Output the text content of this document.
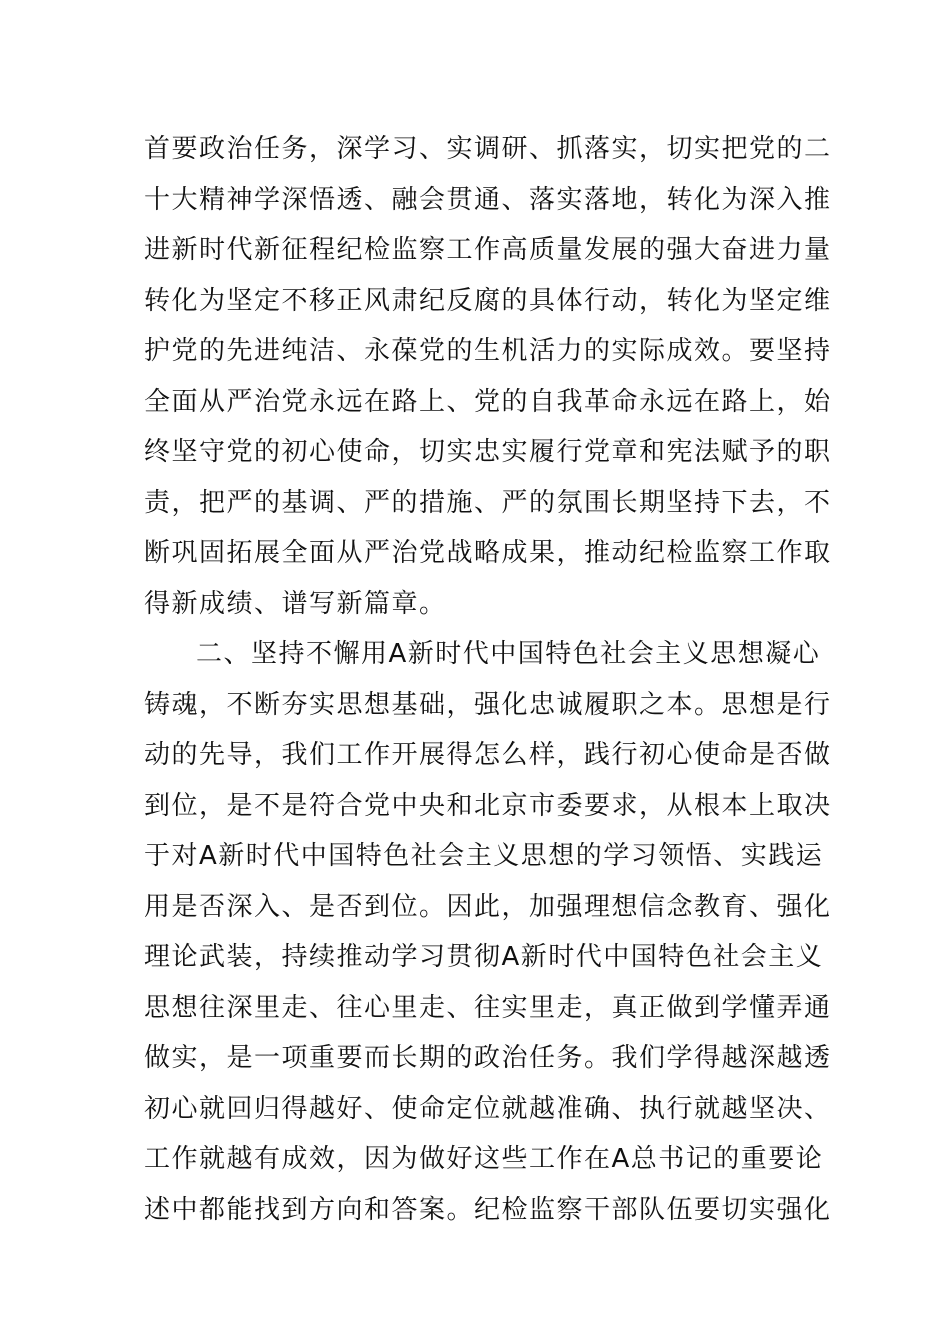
首要政治任务，深学习、实调研、抓落实，切实把党的二
十大精神学深悟透、融会贯通、落实落地，转化为深入推
进新时代新征程纪检监察工作高质量发展的强大奋进力量
转化为坚定不移正风肃纪反腐的具体行动，转化为坚定维
护党的先进纯洁、永葆党的生机活力的实际成效。要坚持
全面从严治党永远在路上、党的自我革命永远在路上，始
终坚守党的初心使命，切实忠实履行党章和宪法赋予的职
责，把严的基调、严的措施、严的氛围长期坚持下去，不
断巩固拓展全面从严治党战略成果，推动纪检监察工作取
得新成绩、谱写新篇章。
二、坚持不懈用A新时代中国特色社会主义思想凝心
铸魂，不断夯实思想基础，强化忠诚履职之本。思想是行
动的先导，我们工作开展得怎么样，践行初心使命是否做
到位，是不是符合党中央和北京市委要求，从根本上取决
于对A新时代中国特色社会主义思想的学习领悟、实践运
用是否深入、是否到位。因此，加强理想信念教育、强化
理论武装，持续推动学习贯彻A新时代中国特色社会主义
思想往深里走、往心里走、往实里走，真正做到学懂弄通
做实，是一项重要而长期的政治任务。我们学得越深越透
初心就回归得越好、使命定位就越准确、执行就越坚决、
工作就越有成效，因为做好这些工作在A总书记的重要论
述中都能找到方向和答案。纪检监察干部队伍要切实强化
